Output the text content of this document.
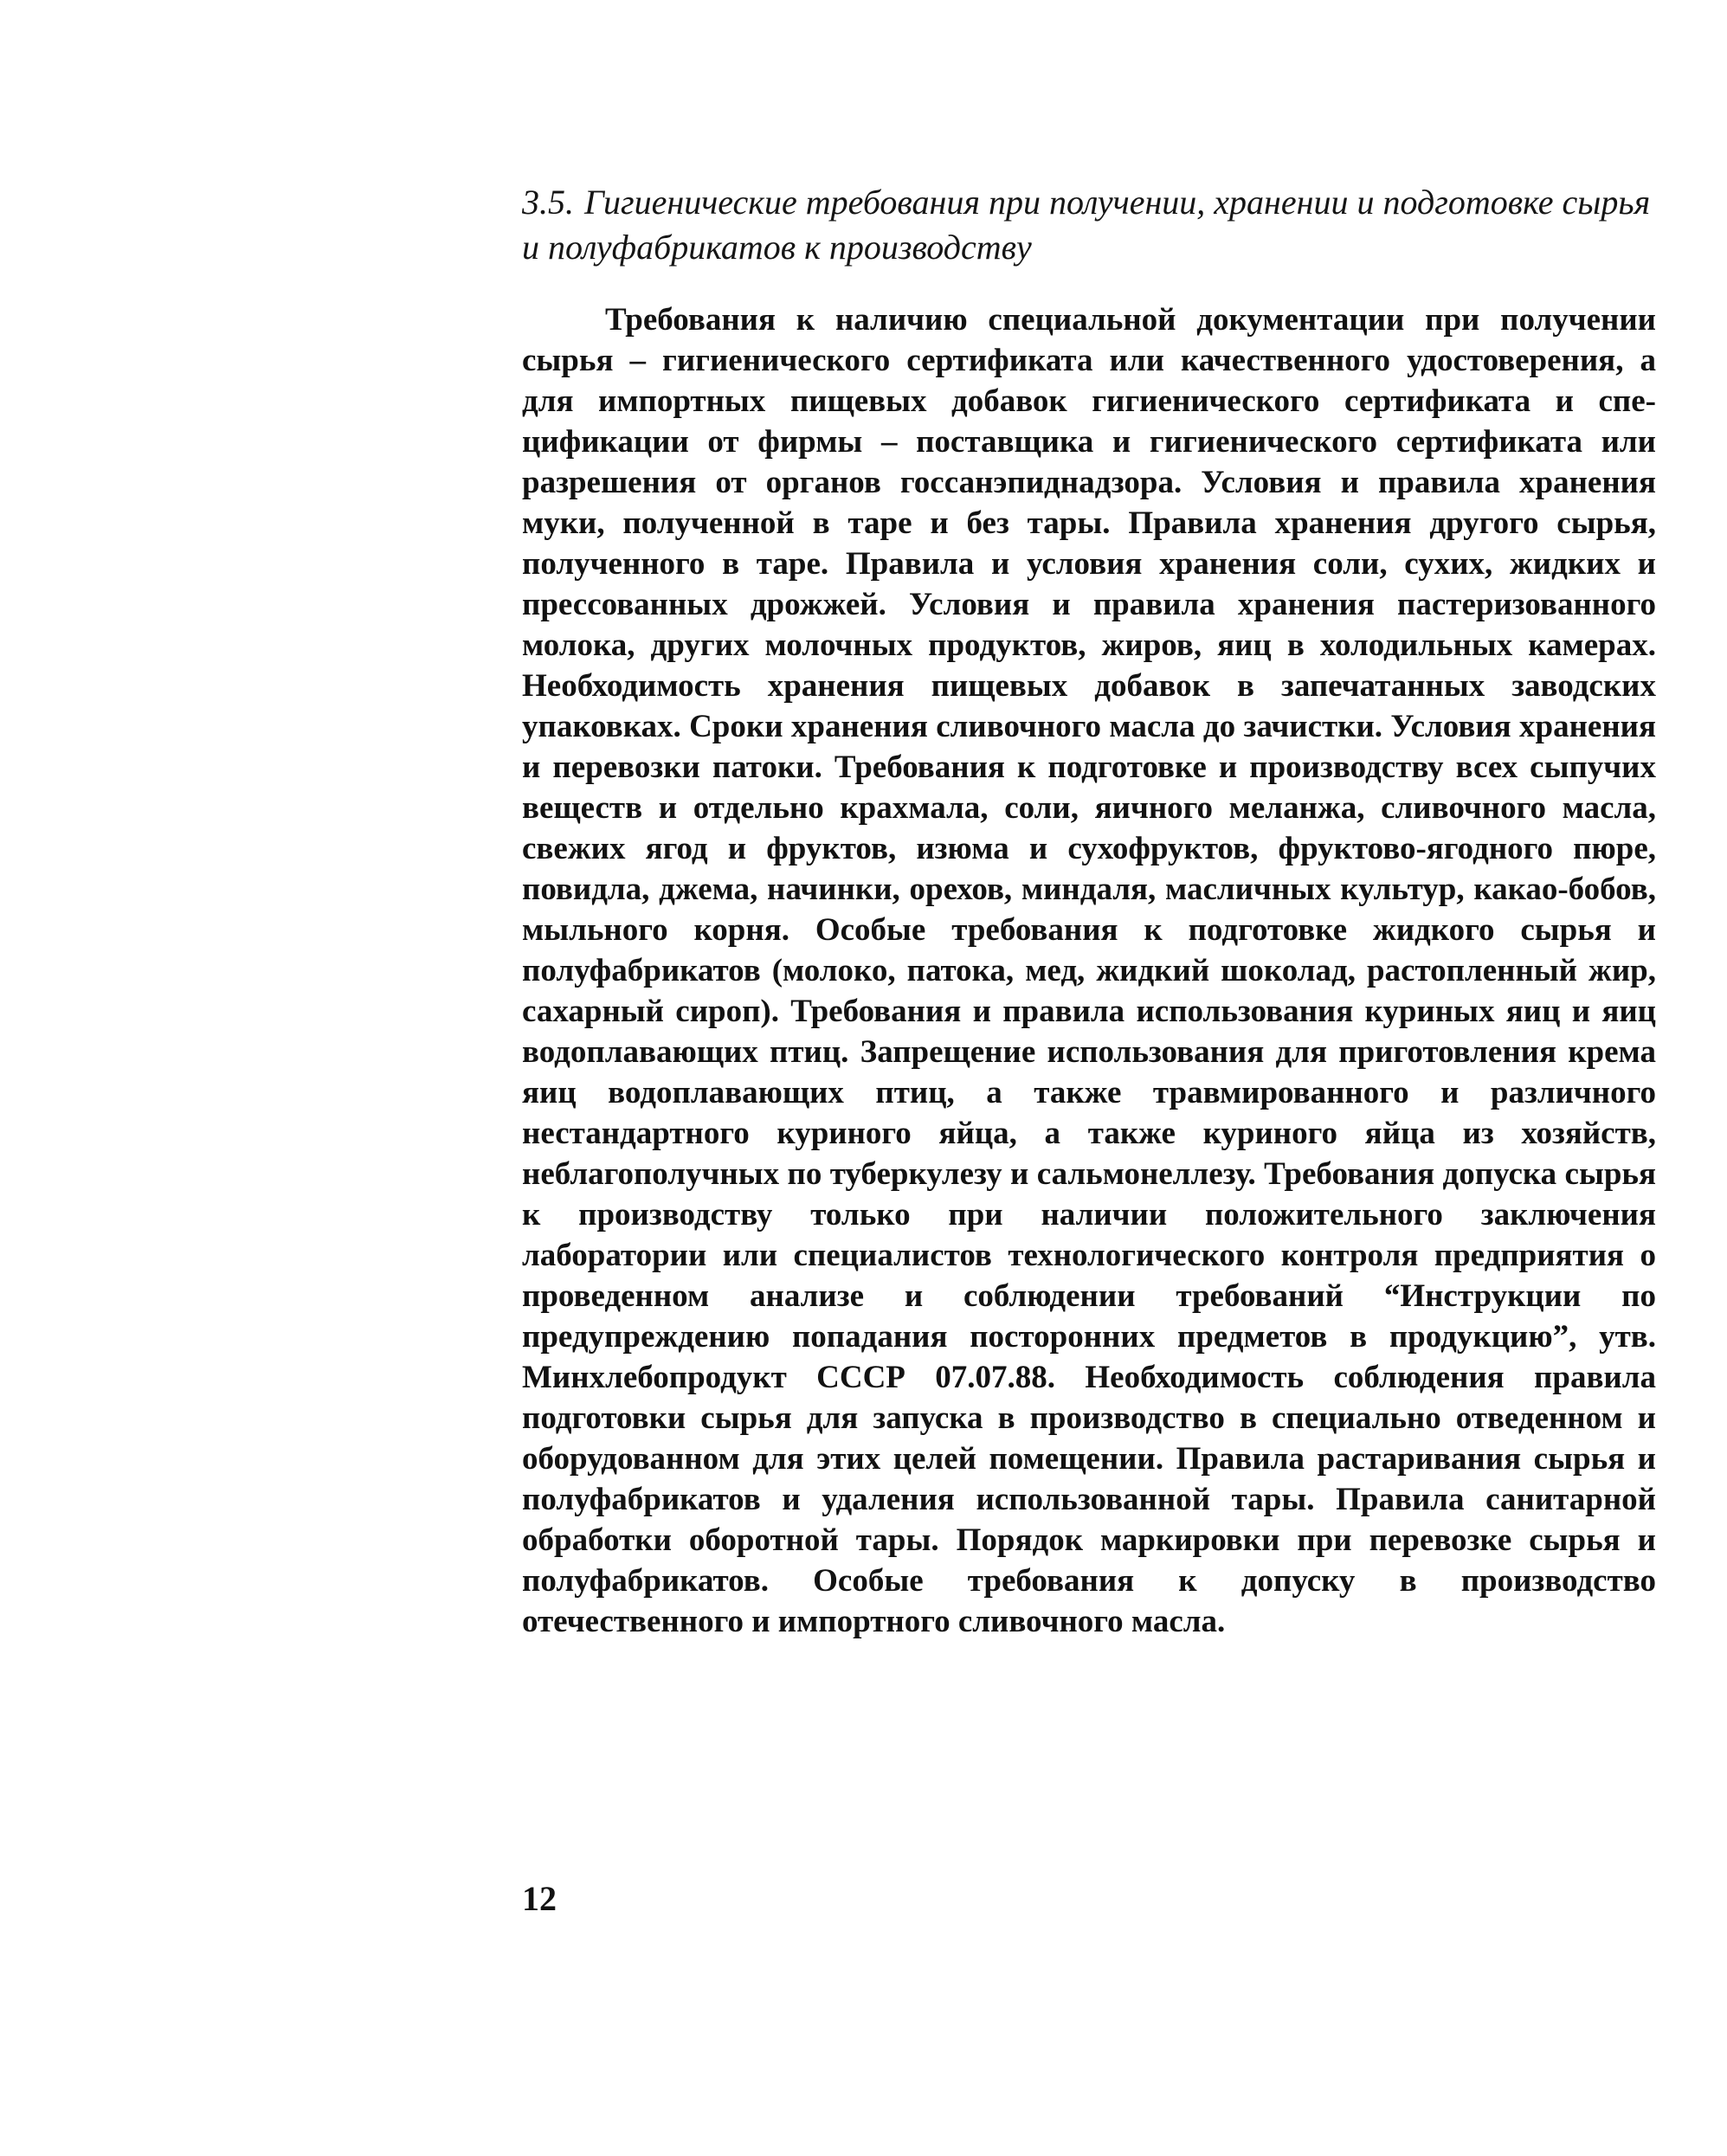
3.5. Гигиенические требования при получении, хранении и подготовке сырья и полуфабрикатов к производству

Требования к наличию специальной документации при получении сырья – гигиенического сертификата или качественного удостоверения, а для импортных пищевых добавок гигиенического сертификата и спецификации от фирмы – поставщика и гигиенического сертификата или разрешения от органов госсанэпиднадзора. Условия и правила хранения муки, полученной в таре и без тары. Правила хранения другого сырья, полученного в таре. Правила и условия хранения соли, сухих, жидких и прессованных дрожжей. Условия и правила хранения пастеризованного молока, других молочных продуктов, жиров, яиц в холодильных камерах. Необходимость хранения пищевых добавок в запечатанных заводских упаковках. Сроки хранения сливочного масла до зачистки. Условия хранения и перевозки патоки. Требования к подготовке и производству всех сыпучих веществ и отдельно крахмала, соли, яичного меланжа, сливочного масла, свежих ягод и фруктов, изюма и сухофруктов, фруктово-ягодного пюре, повидла, джема, начинки, орехов, миндаля, масличных культур, какао-бобов, мыльного корня. Особые требования к подготовке жидкого сырья и полуфабрикатов (молоко, патока, мед, жидкий шоколад, растопленный жир, сахарный сироп). Требования и правила использования куриных яиц и яиц водоплавающих птиц. Запрещение использования для приготовления крема яиц водоплавающих птиц, а также травмированного и различного нестандартного куриного яйца, а также куриного яйца из хозяйств, неблагополучных по туберкулезу и сальмонеллезу. Требования допуска сырья к производству только при наличии положительного заключения лаборатории или специалистов технологического контроля предприятия о проведенном анализе и соблюдении требований “Инструкции по предупреждению попадания посторонних предметов в продукцию”, утв. Минхлебопродукт СССР 07.07.88. Необходимость соблюдения правила подготовки сырья для запуска в производство в специально отведенном и оборудованном для этих целей помещении. Правила растаривания сырья и полуфабрикатов и удаления использованной тары. Правила санитарной обработки оборотной тары. Порядок маркировки при перевозке сырья и полуфабрикатов. Особые требования к допуску в производство отечественного и импортного сливочного масла.

12
